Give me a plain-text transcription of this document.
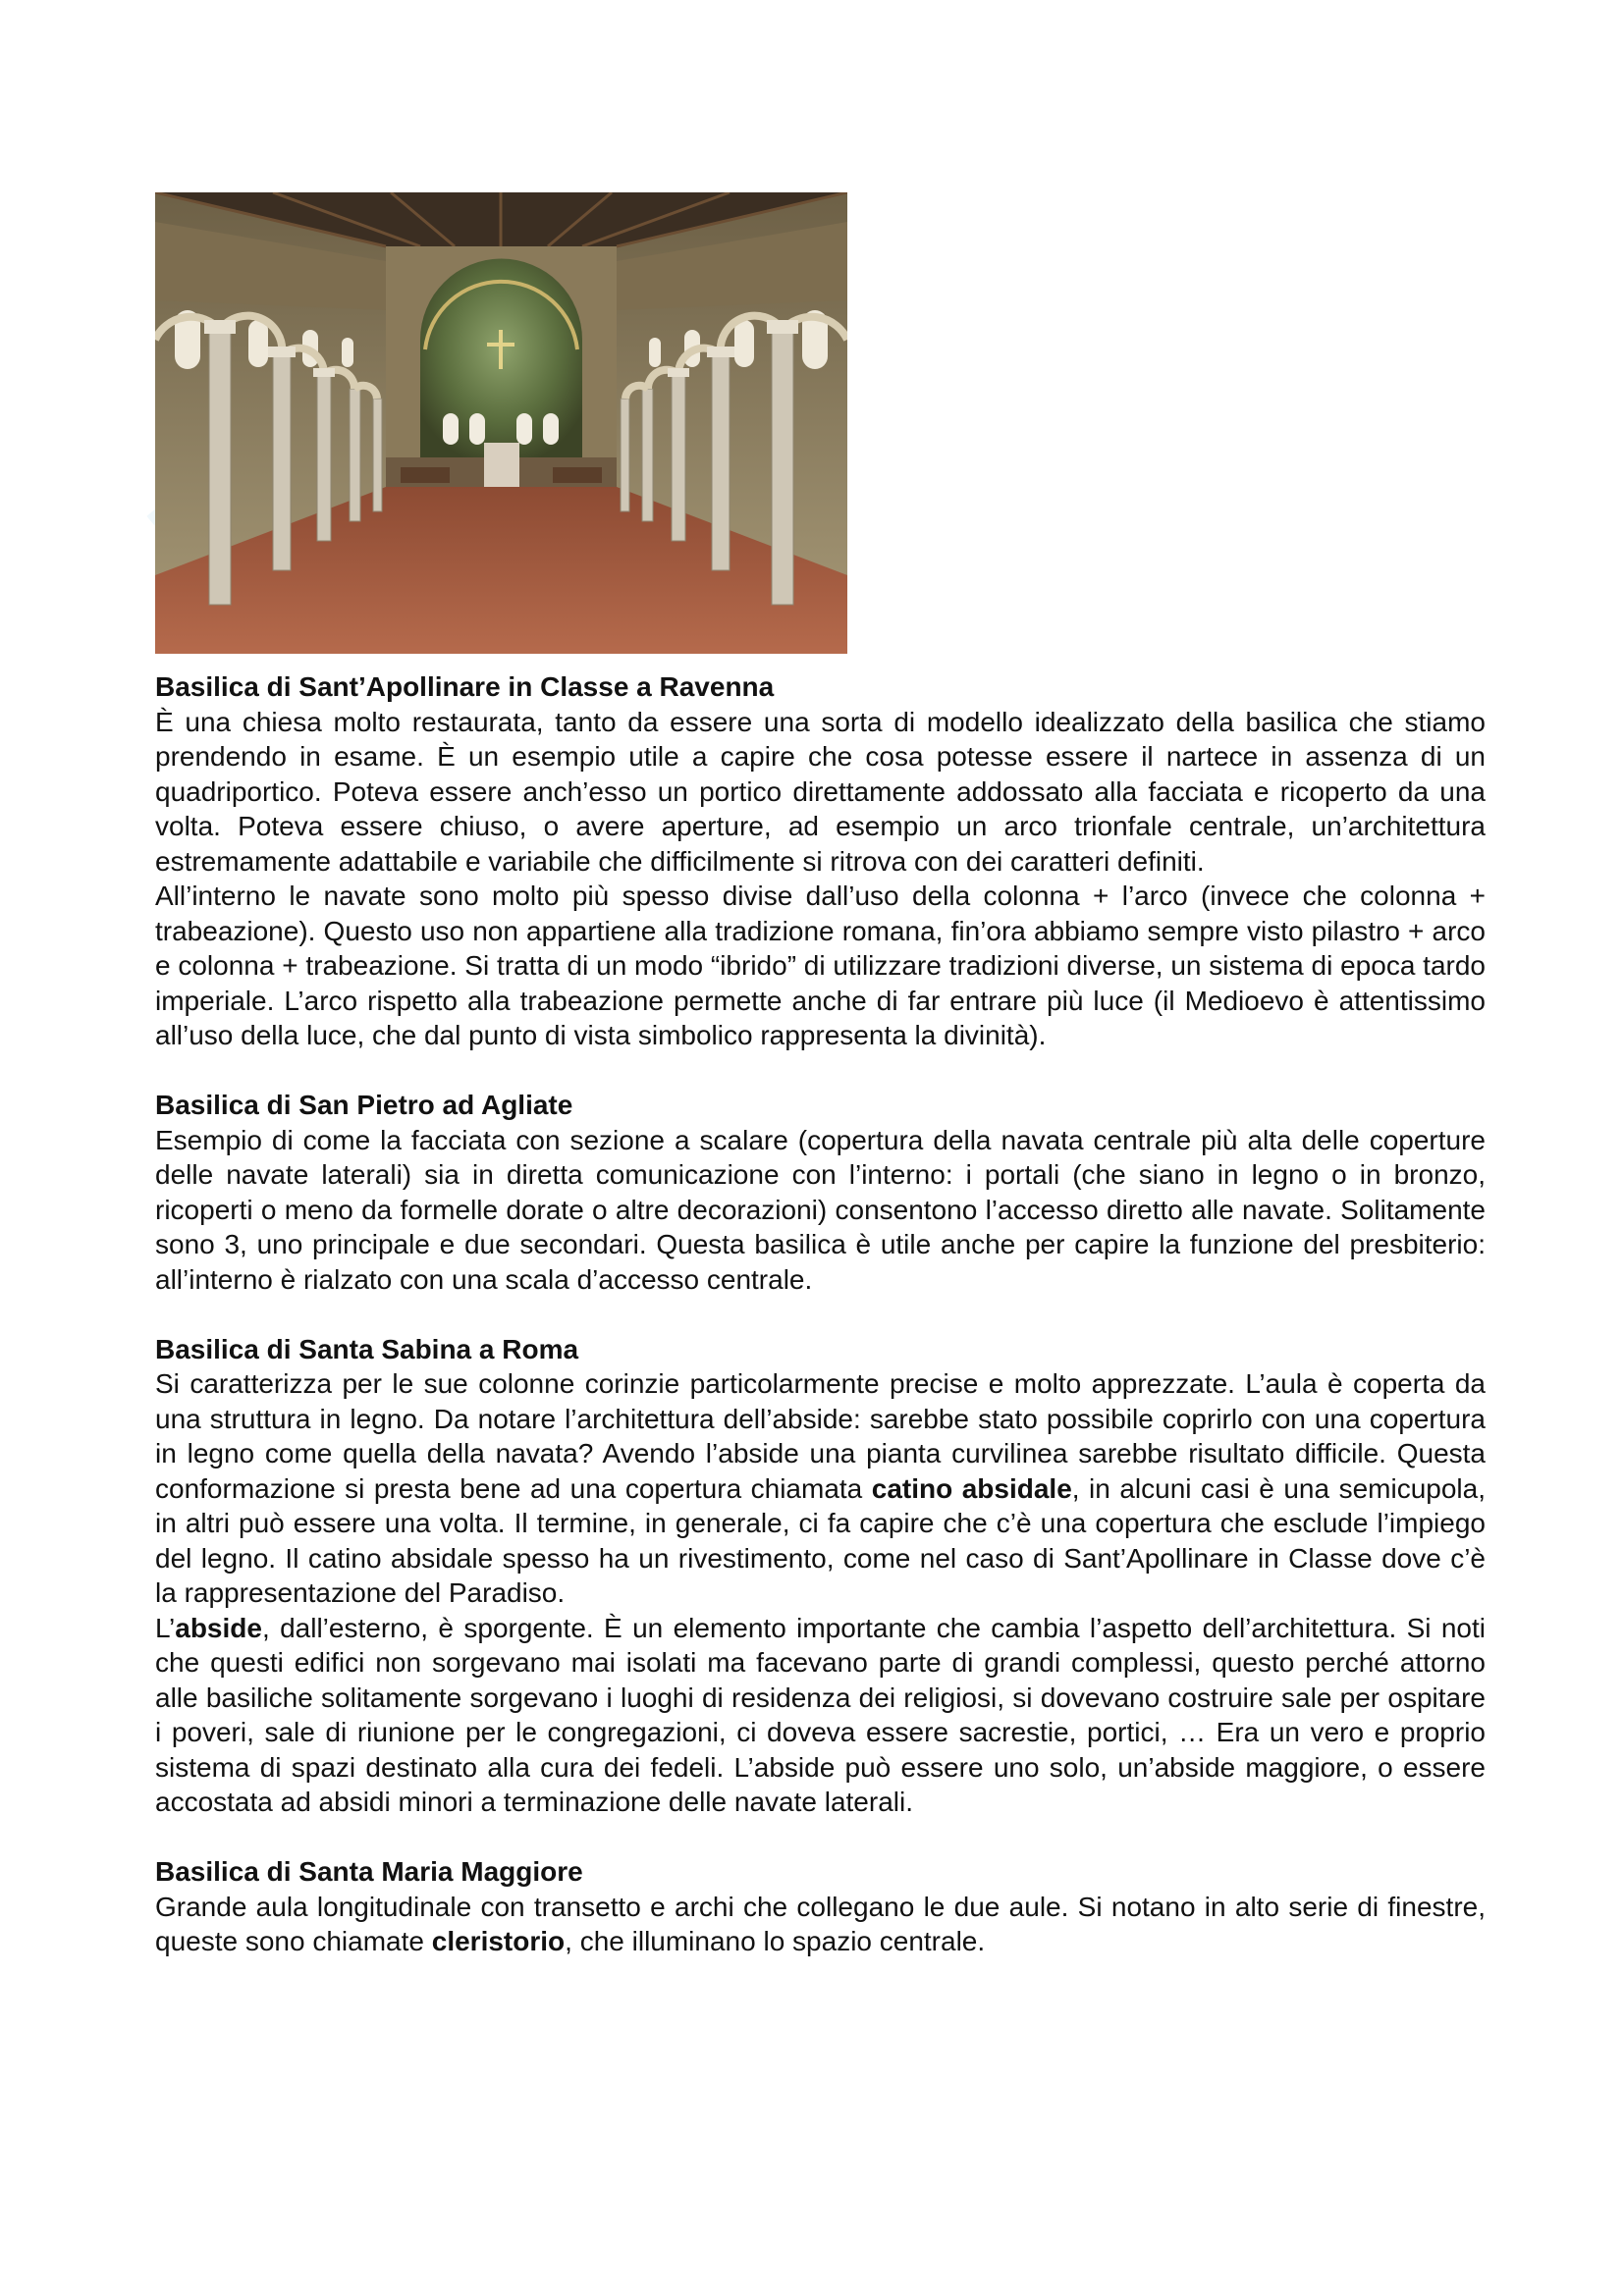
Basilica di Sant’Apollinare in Classe a Ravenna

È una chiesa molto restaurata, tanto da essere una sorta di modello idealizzato della basilica che stiamo prendendo in esame. È un esempio utile a capire che cosa potesse essere il nartece in assenza di un quadriportico. Poteva essere anch’esso un portico direttamente addossato alla facciata e ricoperto da una volta. Poteva essere chiuso, o avere aperture, ad esempio un arco trionfale centrale, un’architettura estremamente adattabile e variabile che difficilmente si ritrova con dei caratteri definiti.

All’interno le navate sono molto più spesso divise dall’uso della colonna + l’arco (invece che colonna + trabeazione). Questo uso non appartiene alla tradizione romana, fin’ora abbiamo sempre visto pilastro + arco e colonna + trabeazione. Si tratta di un modo “ibrido” di utilizzare tradizioni diverse, un sistema di epoca tardo imperiale. L’arco rispetto alla trabeazione permette anche di far entrare più luce (il Medioevo è attentissimo all’uso della luce, che dal punto di vista simbolico rappresenta la divinità).

Basilica di San Pietro ad Agliate

Esempio di come la facciata con sezione a scalare (copertura della navata centrale più alta delle coperture delle navate laterali) sia in diretta comunicazione con l’interno: i portali (che siano in legno o in bronzo, ricoperti o meno da formelle dorate o altre decorazioni) consentono l’accesso diretto alle navate. Solitamente sono 3, uno principale e due secondari. Questa basilica è utile anche per capire la funzione del presbiterio: all’interno è rialzato con una scala d’accesso centrale.

Basilica di Santa Sabina a Roma

Si caratterizza per le sue colonne corinzie particolarmente precise e molto apprezzate. L’aula è coperta da una struttura in legno. Da notare l’architettura dell’abside: sarebbe stato possibile coprirlo con una copertura in legno come quella della navata? Avendo l’abside una pianta curvilinea sarebbe risultato difficile. Questa conformazione si presta bene ad una copertura chiamata catino absidale, in alcuni casi è una semicupola, in altri può essere una volta. Il termine, in generale, ci fa capire che c’è una copertura che esclude l’impiego del legno. Il catino absidale spesso ha un rivestimento, come nel caso di Sant’Apollinare in Classe dove c’è la rappresentazione del Paradiso.

L’abside, dall’esterno, è sporgente. È un elemento importante che cambia l’aspetto dell’architettura. Si noti che questi edifici non sorgevano mai isolati ma facevano parte di grandi complessi, questo perché attorno alle basiliche solitamente sorgevano i luoghi di residenza dei religiosi, si dovevano costruire sale per ospitare i poveri, sale di riunione per le congregazioni, ci doveva essere sacrestie, portici, … Era un vero e proprio sistema di spazi destinato alla cura dei fedeli. L’abside può essere uno solo, un’abside maggiore, o essere accostata ad absidi minori a terminazione delle navate laterali.

Basilica di Santa Maria Maggiore

Grande aula longitudinale con transetto e archi che collegano le due aule. Si notano in alto serie di finestre, queste sono chiamate cleristorio, che illuminano lo spazio centrale.
